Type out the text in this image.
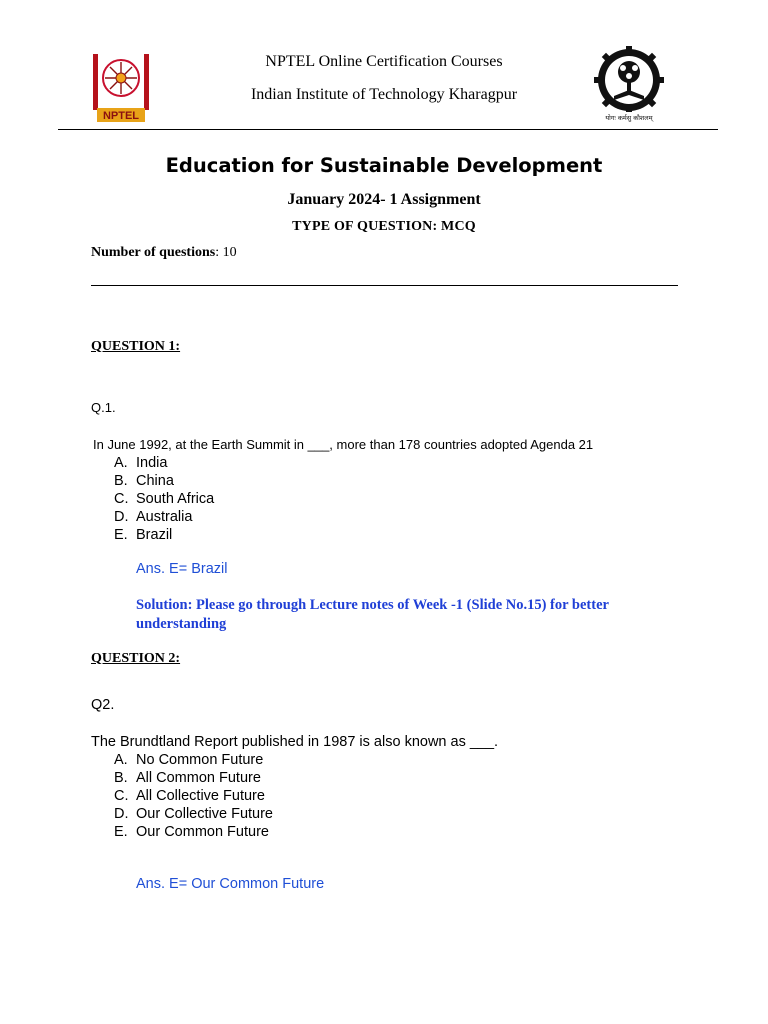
NPTEL	योगः कर्मसु कौशलम्
NPTEL Online Certification Courses
Indian Institute of Technology Kharagpur
Education for Sustainable Development
January 2024- 1 Assignment
TYPE OF QUESTION: MCQ
Number of questions: 10
QUESTION 1:
Q.1.
In June 1992, at the Earth Summit in ___, more than 178 countries adopted Agenda 21
A. India
B. China
C. South Africa
D. Australia
E. Brazil
Ans. E= Brazil
Solution: Please go through Lecture notes of Week -1 (Slide No.15) for better understanding
QUESTION 2:
Q2.
The Brundtland Report published in 1987 is also known as ___.
A. No Common Future
B. All Common Future
C. All Collective Future
D. Our Collective Future
E. Our Common Future
Ans. E= Our Common Future
